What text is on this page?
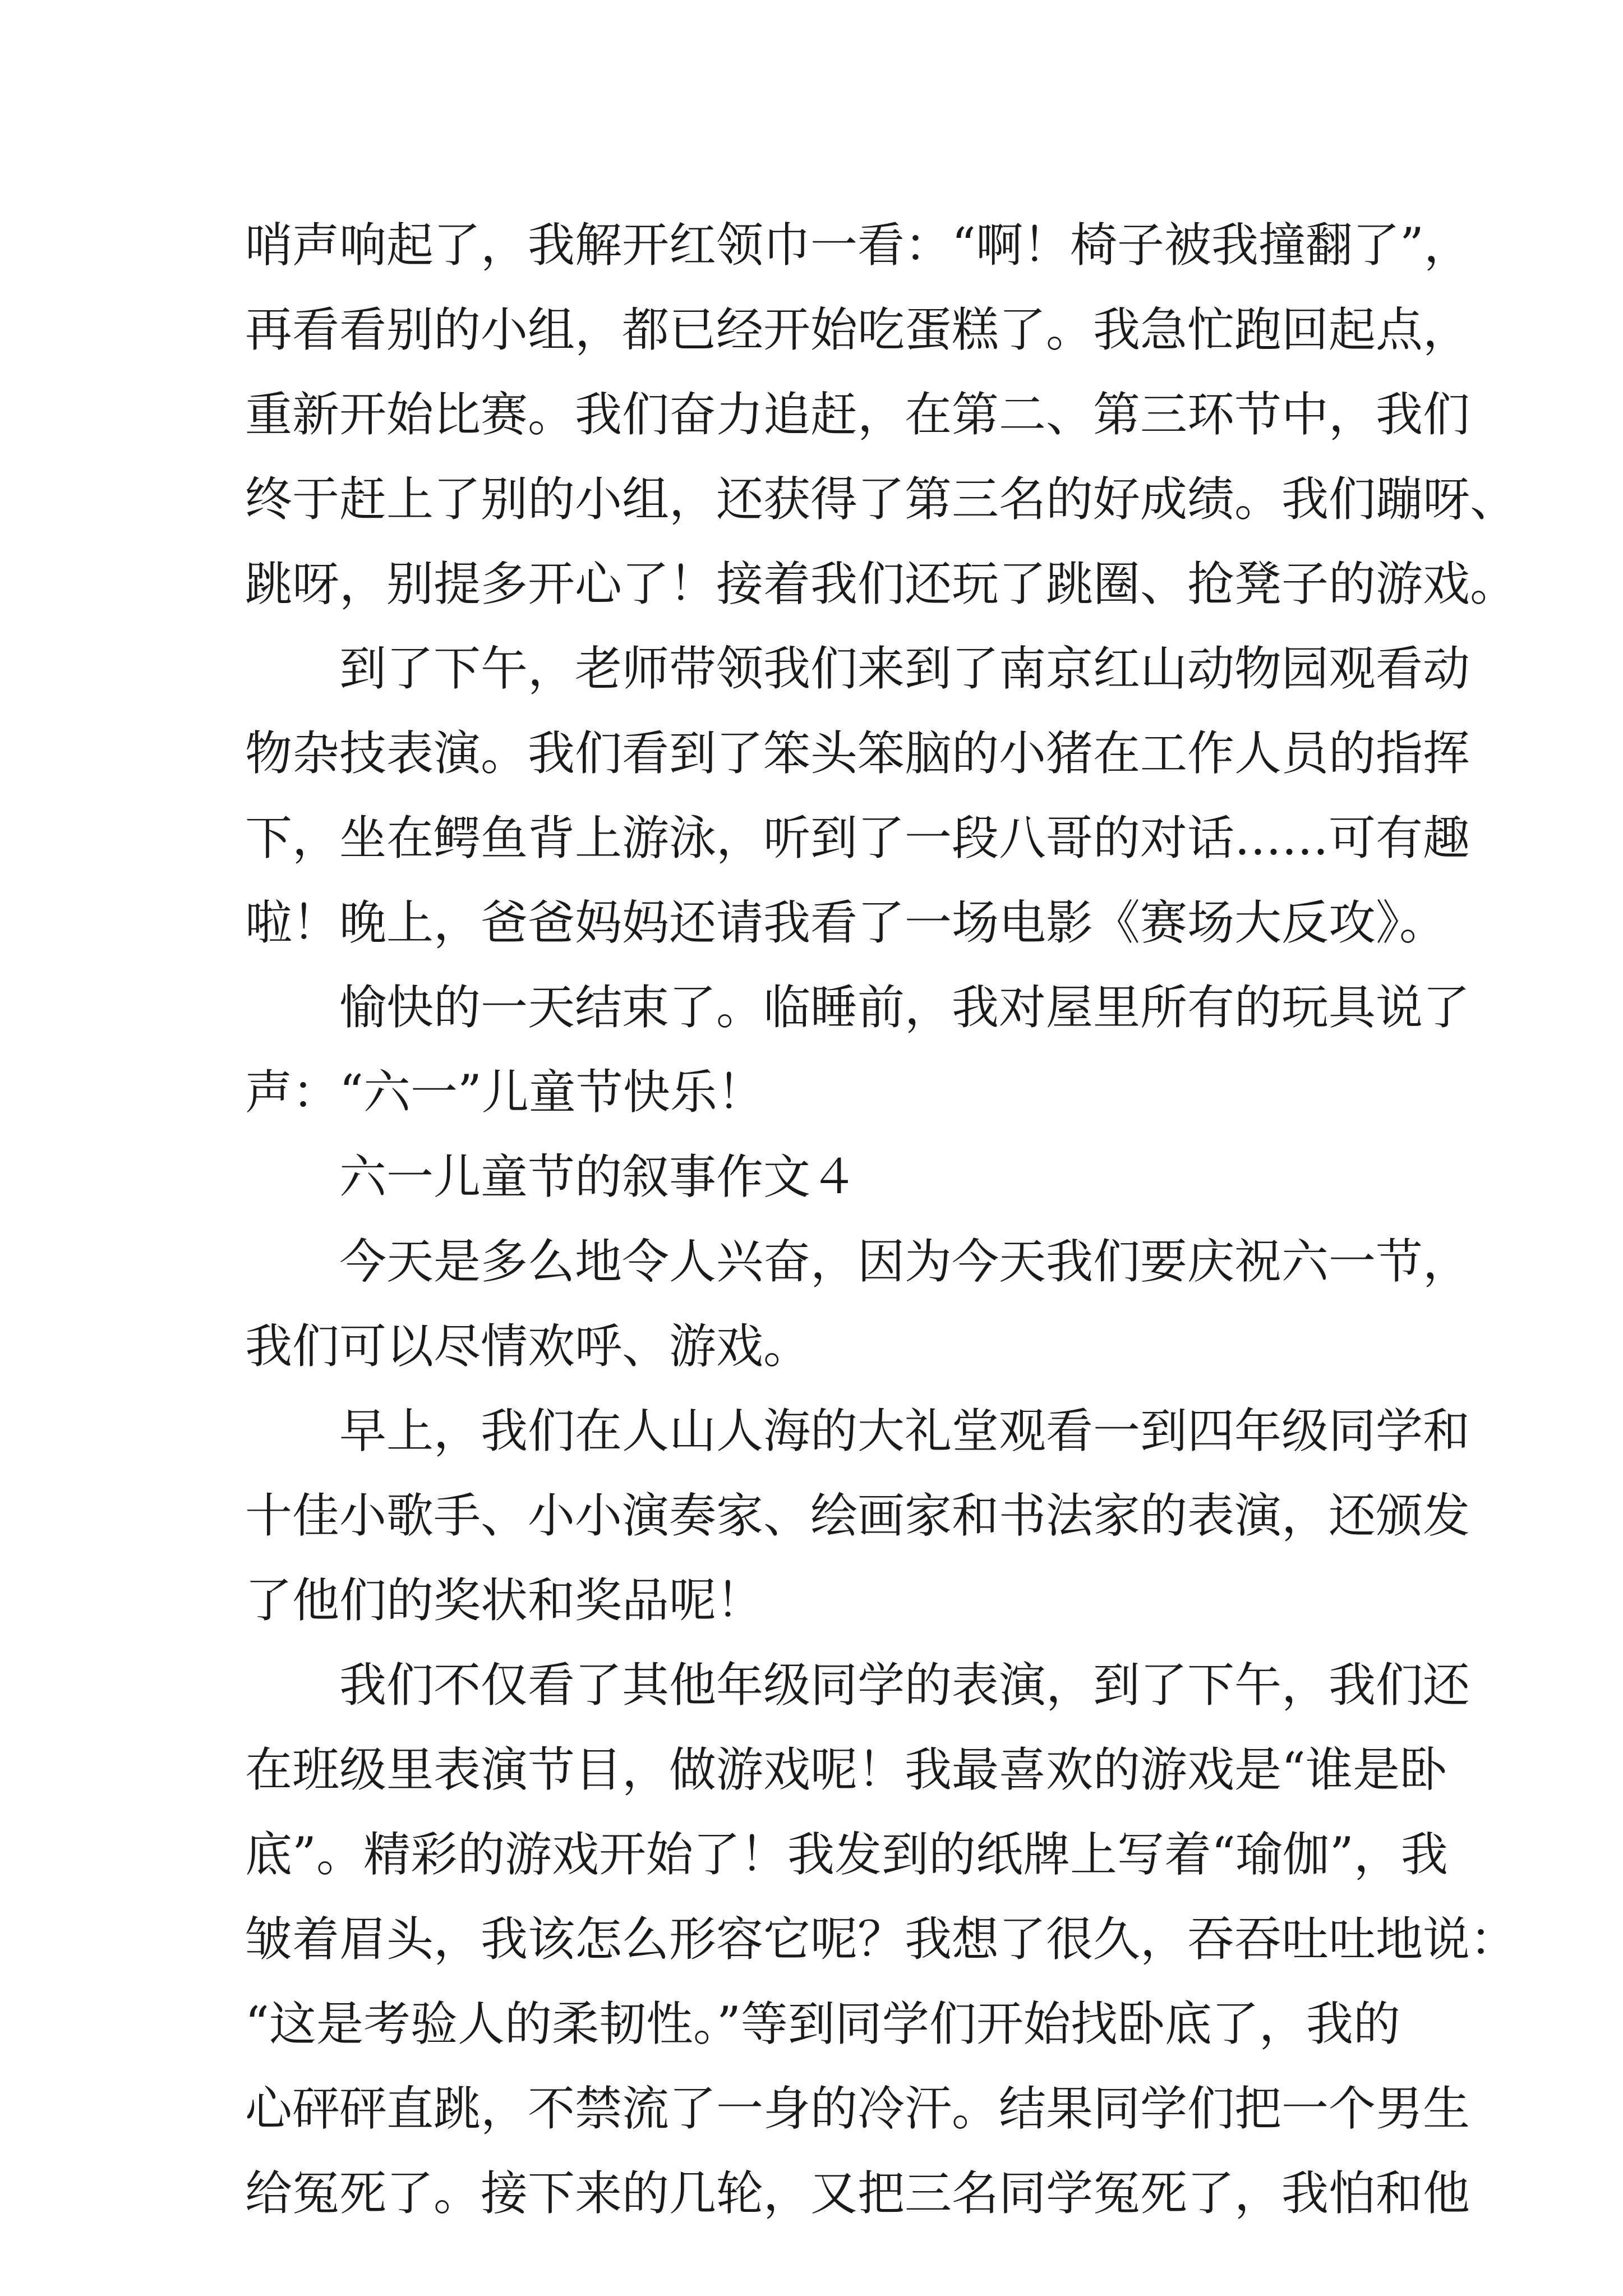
哨声响起了，我解开红领巾一看：“啊！椅子被我撞翻了”，
再看看别的小组，都已经开始吃蛋糕了。我急忙跑回起点，
重新开始比赛。我们奋力追赶，在第二、第三环节中，我们
终于赶上了别的小组，还获得了第三名的好成绩。我们蹦呀、
跳呀，别提多开心了！接着我们还玩了跳圈、抢凳子的游戏。
到了下午，老师带领我们来到了南京红山动物园观看动
物杂技表演。我们看到了笨头笨脑的小猪在工作人员的指挥
下，坐在鳄鱼背上游泳，听到了一段八哥的对话……可有趣
啦！晚上，爸爸妈妈还请我看了一场电影《赛场大反攻》。
愉快的一天结束了。临睡前，我对屋里所有的玩具说了
声：“六一”儿童节快乐！
六一儿童节的叙事作文４
今天是多么地令人兴奋，因为今天我们要庆祝六一节，
我们可以尽情欢呼、游戏。
早上，我们在人山人海的大礼堂观看一到四年级同学和
十佳小歌手、小小演奏家、绘画家和书法家的表演，还颁发
了他们的奖状和奖品呢！
我们不仅看了其他年级同学的表演，到了下午，我们还
在班级里表演节目，做游戏呢！我最喜欢的游戏是“谁是卧
底”。精彩的游戏开始了！我发到的纸牌上写着“瑜伽”，我
皱着眉头，我该怎么形容它呢？我想了很久，吞吞吐吐地说：
“这是考验人的柔韧性。”等到同学们开始找卧底了，我的
心砰砰直跳，不禁流了一身的冷汗。结果同学们把一个男生
给冤死了。接下来的几轮，又把三名同学冤死了，我怕和他
